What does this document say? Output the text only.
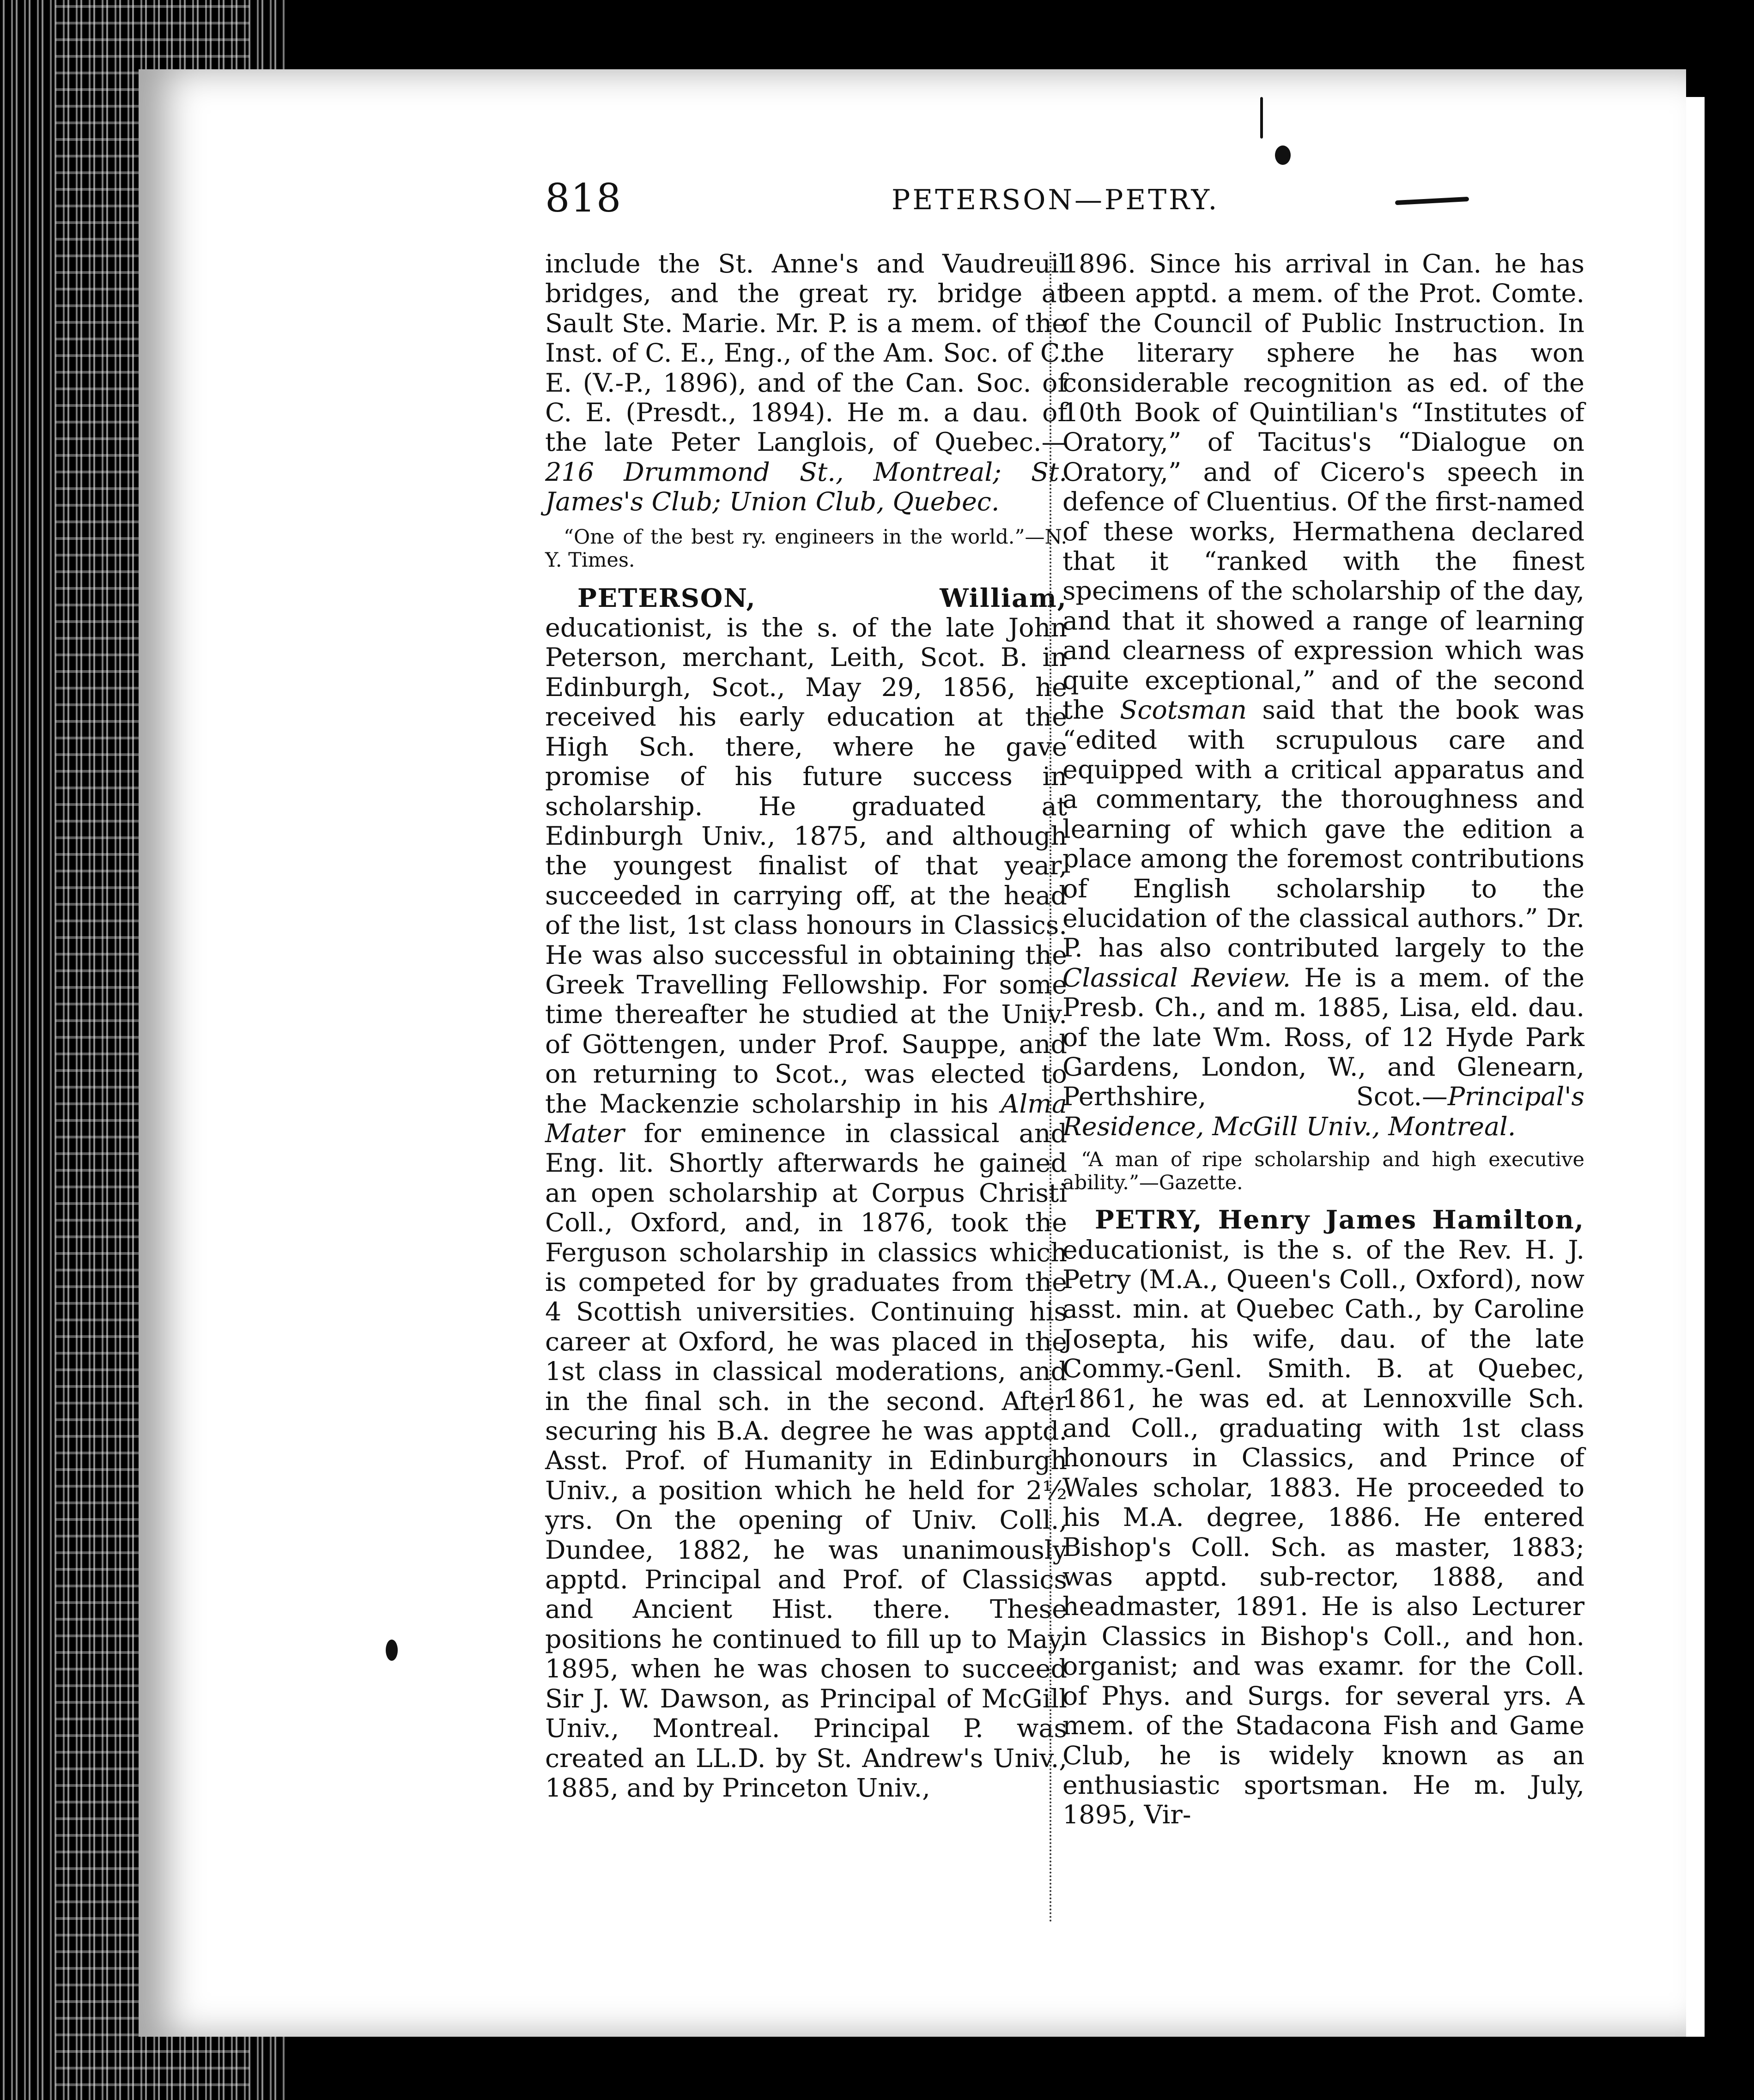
818	PETERSON—PETRY.

include the St. Anne's and Vaudreuil bridges, and the great ry. bridge at Sault Ste. Marie. Mr. P. is a mem. of the Inst. of C. E., Eng., of the Am. Soc. of C. E. (V.-P., 1896), and of the Can. Soc. of C. E. (Presdt., 1894). He m. a dau. of the late Peter Langlois, of Quebec.—216 Drummond St., Montreal; St. James's Club; Union Club, Quebec.

“One of the best ry. engineers in the world.”—N. Y. Times.

PETERSON, William, educationist, is the s. of the late John Peterson, merchant, Leith, Scot. B. in Edinburgh, Scot., May 29, 1856, he received his early education at the High Sch. there, where he gave promise of his future success in scholarship. He graduated at Edinburgh Univ., 1875, and although the youngest finalist of that year, succeeded in carrying off, at the head of the list, 1st class honours in Classics. He was also successful in obtaining the Greek Travelling Fellowship. For some time thereafter he studied at the Univ. of Göttengen, under Prof. Sauppe, and on returning to Scot., was elected to the Mackenzie scholarship in his Alma Mater for eminence in classical and Eng. lit. Shortly afterwards he gained an open scholarship at Corpus Christi Coll., Oxford, and, in 1876, took the Ferguson scholarship in classics which is competed for by graduates from the 4 Scottish universities. Continuing his career at Oxford, he was placed in the 1st class in classical moderations, and in the final sch. in the second. After securing his B.A. degree he was apptd. Asst. Prof. of Humanity in Edinburgh Univ., a position which he held for 2½ yrs. On the opening of Univ. Coll., Dundee, 1882, he was unanimously apptd. Principal and Prof. of Classics and Ancient Hist. there. These positions he continued to fill up to May, 1895, when he was chosen to succeed Sir J. W. Dawson, as Principal of McGill Univ., Montreal. Principal P. was created an LL.D. by St. Andrew's Univ., 1885, and by Princeton Univ.,

1896. Since his arrival in Can. he has been apptd. a mem. of the Prot. Comte. of the Council of Public Instruction. In the literary sphere he has won considerable recognition as ed. of the 10th Book of Quintilian's “Institutes of Oratory,” of Tacitus's “Dialogue on Oratory,” and of Cicero's speech in defence of Cluentius. Of the first-named of these works, Hermathena declared that it “ranked with the finest specimens of the scholarship of the day, and that it showed a range of learning and clearness of expression which was quite exceptional,” and of the second the Scotsman said that the book was “edited with scrupulous care and equipped with a critical apparatus and a commentary, the thoroughness and learning of which gave the edition a place among the foremost contributions of English scholarship to the elucidation of the classical authors.” Dr. P. has also contributed largely to the Classical Review. He is a mem. of the Presb. Ch., and m. 1885, Lisa, eld. dau. of the late Wm. Ross, of 12 Hyde Park Gardens, London, W., and Glenearn, Perthshire, Scot.—Principal's Residence, McGill Univ., Montreal.

“A man of ripe scholarship and high executive ability.”—Gazette.

PETRY, Henry James Hamilton, educationist, is the s. of the Rev. H. J. Petry (M.A., Queen's Coll., Oxford), now asst. min. at Quebec Cath., by Caroline Josepta, his wife, dau. of the late Commy.-Genl. Smith. B. at Quebec, 1861, he was ed. at Lennoxville Sch. and Coll., graduating with 1st class honours in Classics, and Prince of Wales scholar, 1883. He proceeded to his M.A. degree, 1886. He entered Bishop's Coll. Sch. as master, 1883; was apptd. sub-rector, 1888, and headmaster, 1891. He is also Lecturer in Classics in Bishop's Coll., and hon. organist; and was examr. for the Coll. of Phys. and Surgs. for several yrs. A mem. of the Stadacona Fish and Game Club, he is widely known as an enthusiastic sportsman. He m. July, 1895, Vir-
